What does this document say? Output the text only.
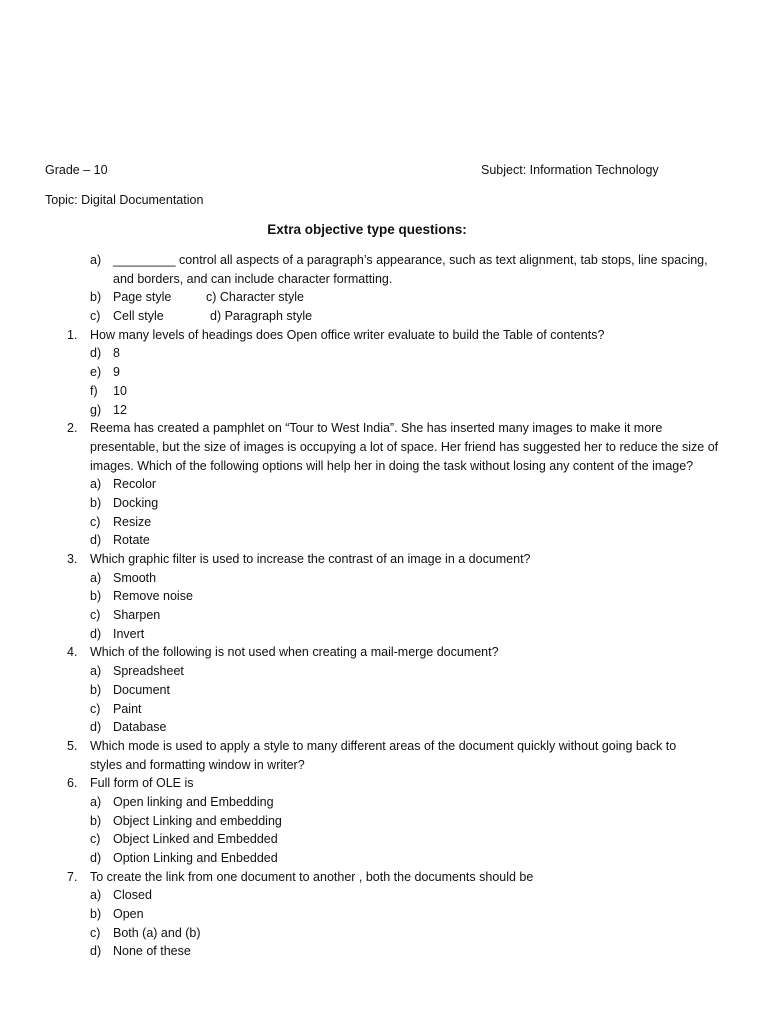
Grade – 10	Subject: Information Technology
Topic: Digital Documentation
Extra objective type questions:
a) _________ control all aspects of a paragraph’s appearance, such as text alignment, tab stops, line spacing,
and borders, and can include character formatting.
b) Page style	c) Character style
c) Cell style	d) Paragraph style
1. How many levels of headings does Open office writer evaluate to build the Table of contents?
d) 8
e) 9
f) 10
g) 12
2. Reema has created a pamphlet on “Tour to West India”. She has inserted many images to make it more
presentable, but the size of images is occupying a lot of space. Her friend has suggested her to reduce the size of
images. Which of the following options will help her in doing the task without losing any content of the image?
a) Recolor
b) Docking
c) Resize
d) Rotate
3. Which graphic filter is used to increase the contrast of an image in a document?
a) Smooth
b) Remove noise
c) Sharpen
d) Invert
4. Which of the following is not used when creating a mail-merge document?
a) Spreadsheet
b) Document
c) Paint
d) Database
5. Which mode is used to apply a style to many different areas of the document quickly without going back to
styles and formatting window in writer?
6. Full form of OLE is
a) Open linking and Embedding
b) Object Linking and embedding
c) Object Linked and Embedded
d) Option Linking and Enbedded
7. To create the link from one document to another , both the documents should be
a) Closed
b) Open
c) Both (a) and (b)
d) None of these
